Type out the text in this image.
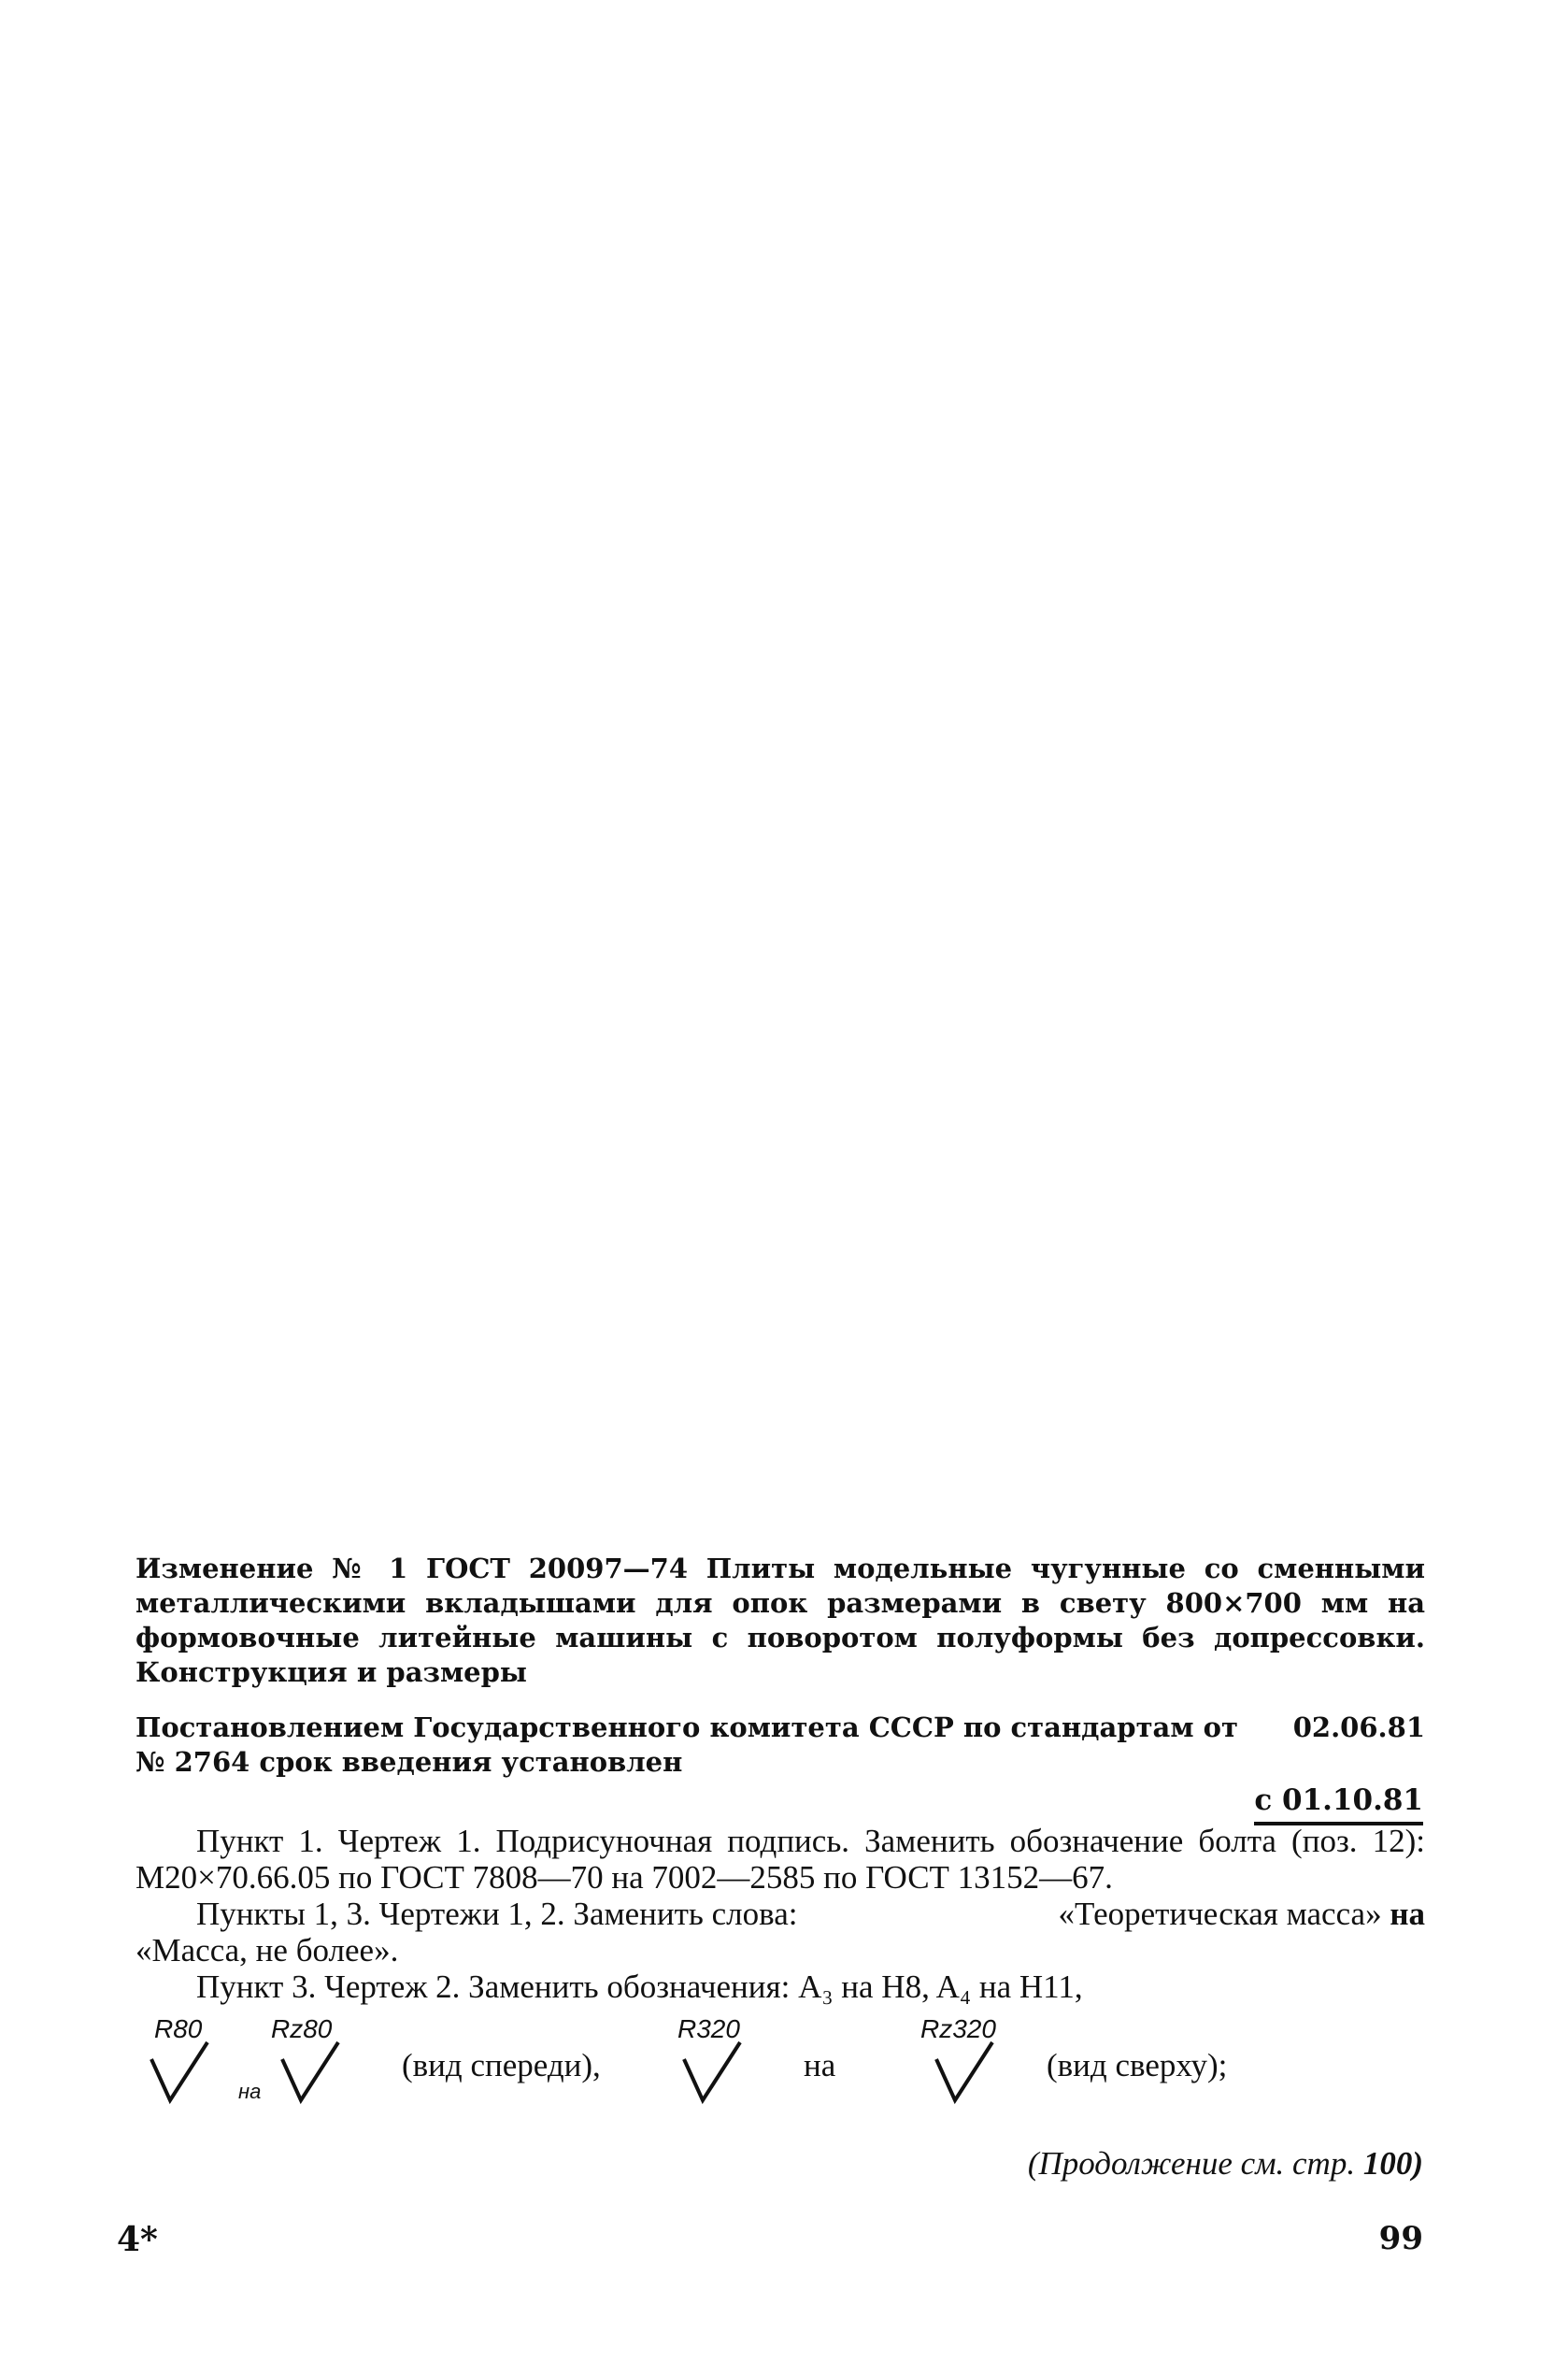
Изменение № 1 ГОСТ 20097—74 Плиты модельные чугунные со сменными металлическими вкладышами для опок размерами в свету 800×700 мм на формовочные литейные машины с поворотом полуформы без допрессовки. Конструкция и размеры
Постановлением Государственного комитета СССР по стандартам от 02.06.81
№ 2764 срок введения установлен
с 01.10.81

Пункт 1. Чертеж 1. Подрисуночная подпись. Заменить обозначение болта (поз. 12): М20×70.66.05 по ГОСТ 7808—70 на 7002—2585 по ГОСТ 13152—67.

Пункты 1, 3. Чертежи 1, 2. Заменить слова:	«Теоретическая масса» на

«Масса, не более».

Пункт 3. Чертеж 2. Заменить обозначения: A₃ на H8, A₄ на H11,

R80
на
Rz80
(вид спереди),
R320
на
Rz320
(вид сверху);
(Продолжение см. стр. 100)
4*	99
